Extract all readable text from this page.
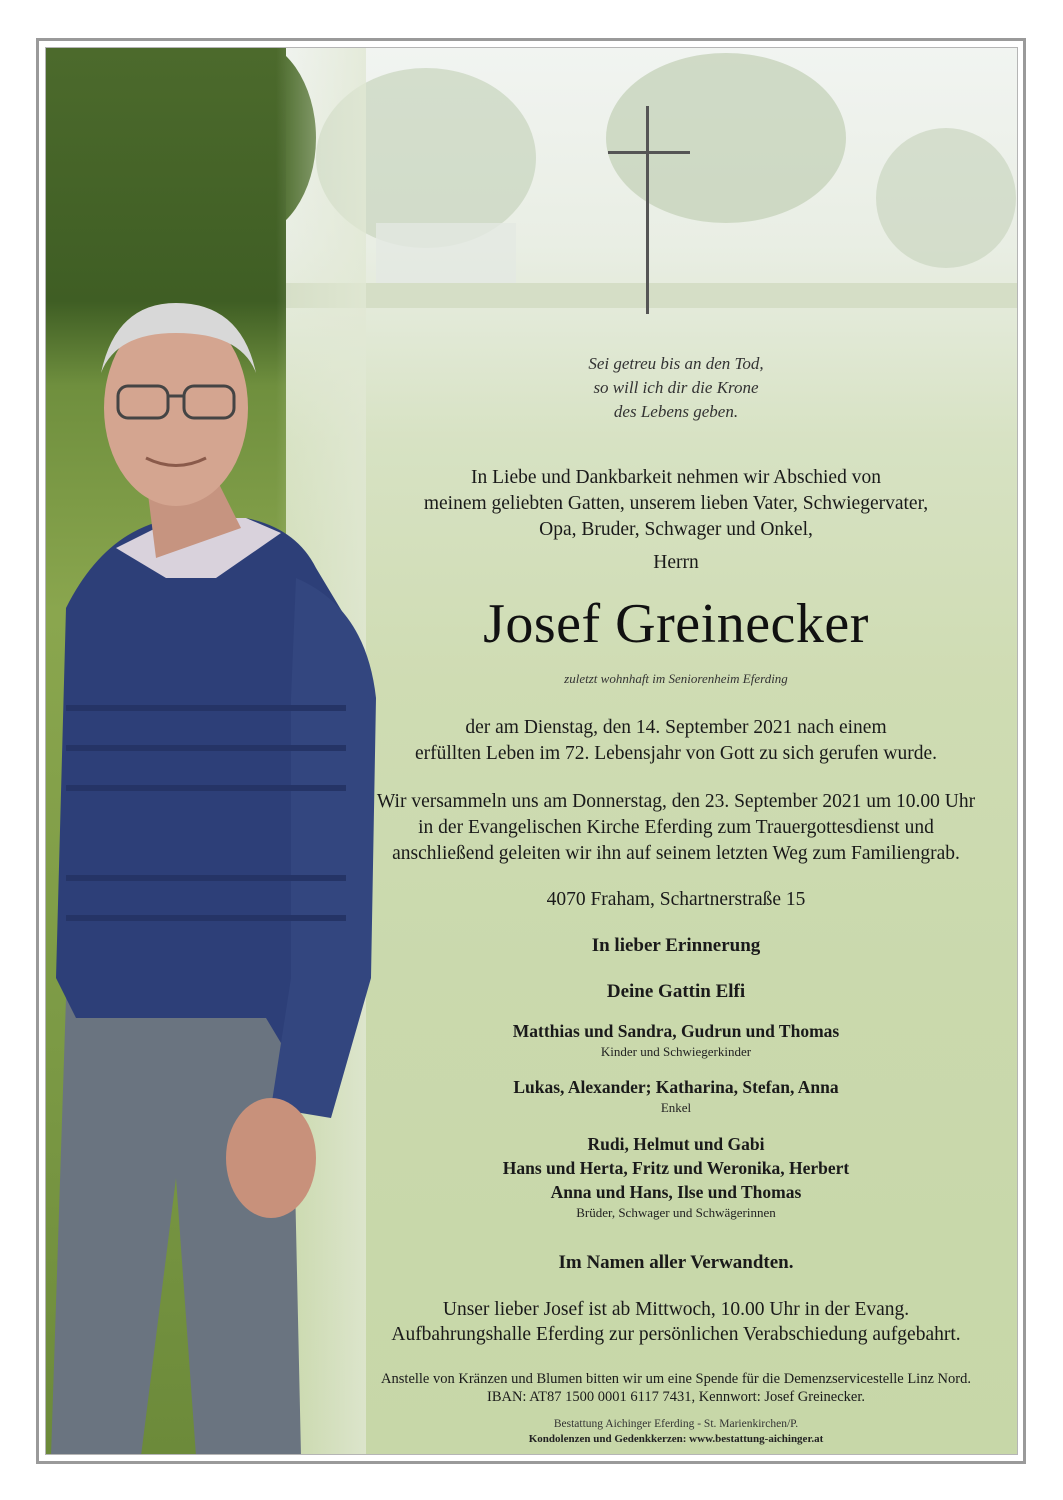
Sei getreu bis an den Tod,
so will ich dir die Krone
des Lebens geben.
In Liebe und Dankbarkeit nehmen wir Abschied von
meinem geliebten Gatten, unserem lieben Vater, Schwiegervater,
Opa, Bruder, Schwager und Onkel,
Herrn
Josef Greinecker
zuletzt wohnhaft im Seniorenheim Eferding
der am Dienstag, den 14. September 2021 nach einem
erfüllten Leben im 72. Lebensjahr von Gott zu sich gerufen wurde.
Wir versammeln uns am Donnerstag, den 23. September 2021 um 10.00 Uhr
in der Evangelischen Kirche Eferding zum Trauergottesdienst und
anschließend geleiten wir ihn auf seinem letzten Weg zum Familiengrab.
4070 Fraham, Schartnerstraße 15
In lieber Erinnerung
Deine Gattin Elfi
Matthias und Sandra, Gudrun und Thomas
Kinder und Schwiegerkinder
Lukas, Alexander; Katharina, Stefan, Anna
Enkel
Rudi, Helmut und Gabi
Hans und Herta, Fritz und Weronika, Herbert
Anna und Hans, Ilse und Thomas
Brüder, Schwager und Schwägerinnen
Im Namen aller Verwandten.
Unser lieber Josef ist ab Mittwoch, 10.00 Uhr in der Evang.
Aufbahrungshalle Eferding zur persönlichen Verabschiedung aufgebahrt.
Anstelle von Kränzen und Blumen bitten wir um eine Spende für die Demenzservicestelle Linz Nord.
IBAN: AT87 1500 0001 6117 7431, Kennwort: Josef Greinecker.
Bestattung Aichinger Eferding - St. Marienkirchen/P.
Kondolenzen und Gedenkkerzen: www.bestattung-aichinger.at
